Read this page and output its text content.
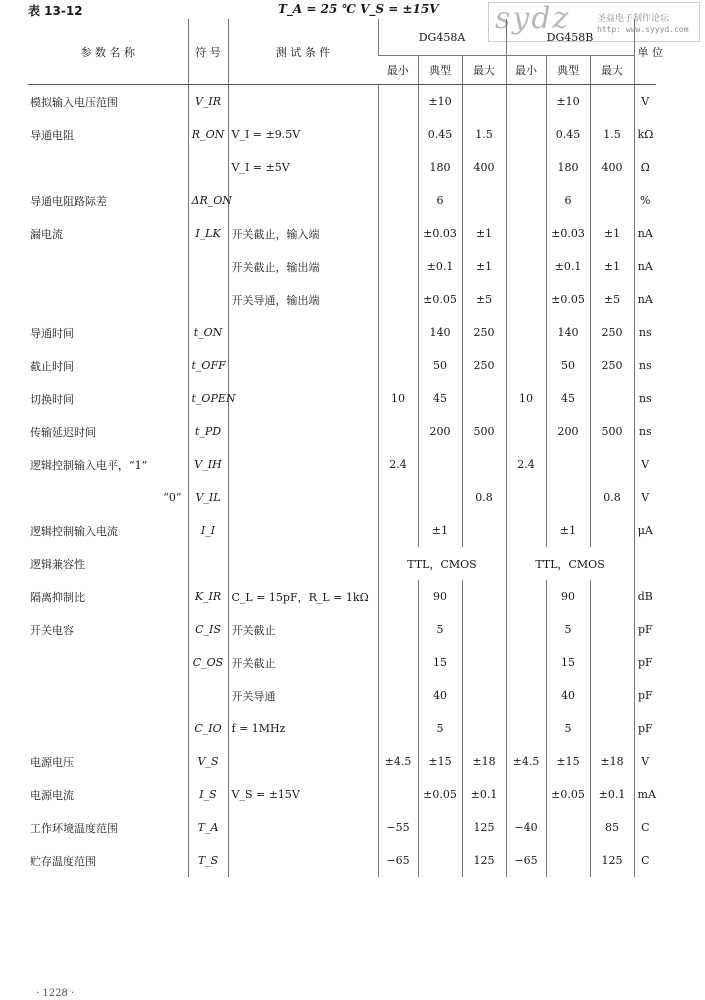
表 13-12	T_A = 25 ℃ V_S = ±15V sydz	圣益电子制作论坛
http: www.syyyd.com
参 数 名 称	符 号	测 试 条 件	DG458A			DG458B			单 位
			最小	典型	最大	最小	典型	最大	
模拟输入电压范围	V_IR			±10			±10		V
导通电阻	R_ON	V_I = ±9.5V		0.45	1.5		0.45	1.5	kΩ
		V_I = ±5V		180	400		180	400	Ω
导通电阻路际差	ΔR_ON			6			6		%
漏电流	I_LK	开关截止，输入端		±0.03	±1		±0.03	±1	nA
		开关截止，输出端		±0.1	±1		±0.1	±1	nA
		开关导通，输出端		±0.05	±5		±0.05	±5	nA
导通时间	t_ON			140	250		140	250	ns
截止时间	t_OFF			50	250		50	250	ns
切换时间	t_OPEN		10	45		10	45		ns
传输延迟时间	t_PD			200	500		200	500	ns
逻辑控制输入电平，“1”	V_IH		2.4			2.4			V
“0”	V_IL				0.8			0.8	V
逻辑控制输入电流	I_I			±1			±1		μA
逻辑兼容性			TTL，CMOS			TTL，CMOS			
隔离抑制比	K_IR	C_L = 15pF，R_L = 1kΩ		90			90		dB
开关电容	C_IS	开关截止		5			5		pF
	C_OS	开关截止		15			15		pF
		开关导通		40			40		pF
	C_IO	f = 1MHz		5			5		pF
电源电压	V_S		±4.5	±15	±18	±4.5	±15	±18	V
电源电流	I_S	V_S = ±15V		±0.05	±0.1		±0.05	±0.1	mA
工作环境温度范围	T_A		−55		125	−40		85	C
贮存温度范围	T_S		−65		125	−65		125	C
· 1228 ·
